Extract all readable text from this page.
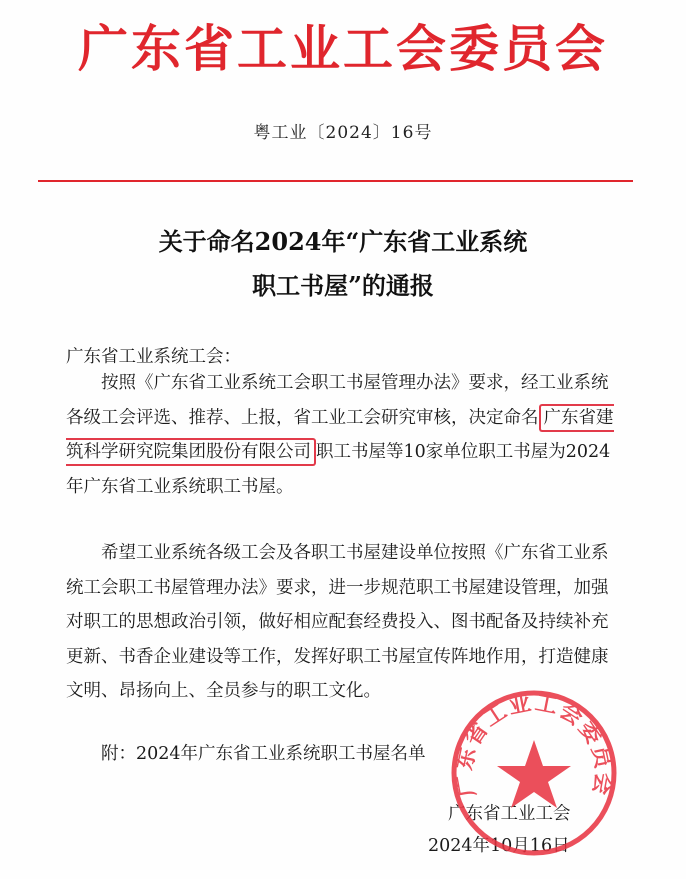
广东省工业工会委员会
粤工业〔2024〕16号
关于命名2024年“广东省工业系统
职工书屋”的通报
广东省工业系统工会：
按照《广东省工业系统工会职工书屋管理办法》要求，经工业系统各级工会评选、推荐、上报，省工业工会研究审核，决定命名 广东省建筑科学研究院集团股份有限公司 职工书屋等10家单位职工书屋为2024年广东省工业系统职工书屋。
希望工业系统各级工会及各职工书屋建设单位按照《广东省工业系统工会职工书屋管理办法》要求，进一步规范职工书屋建设管理，加强对职工的思想政治引领，做好相应配套经费投入、图书配备及持续补充更新、书香企业建设等工作，发挥好职工书屋宣传阵地作用，打造健康文明、昂扬向上、全员参与的职工文化。
附：2024年广东省工业系统职工书屋名单
广东省工业工会
2024年10月16日
广东省工业工会委员会
